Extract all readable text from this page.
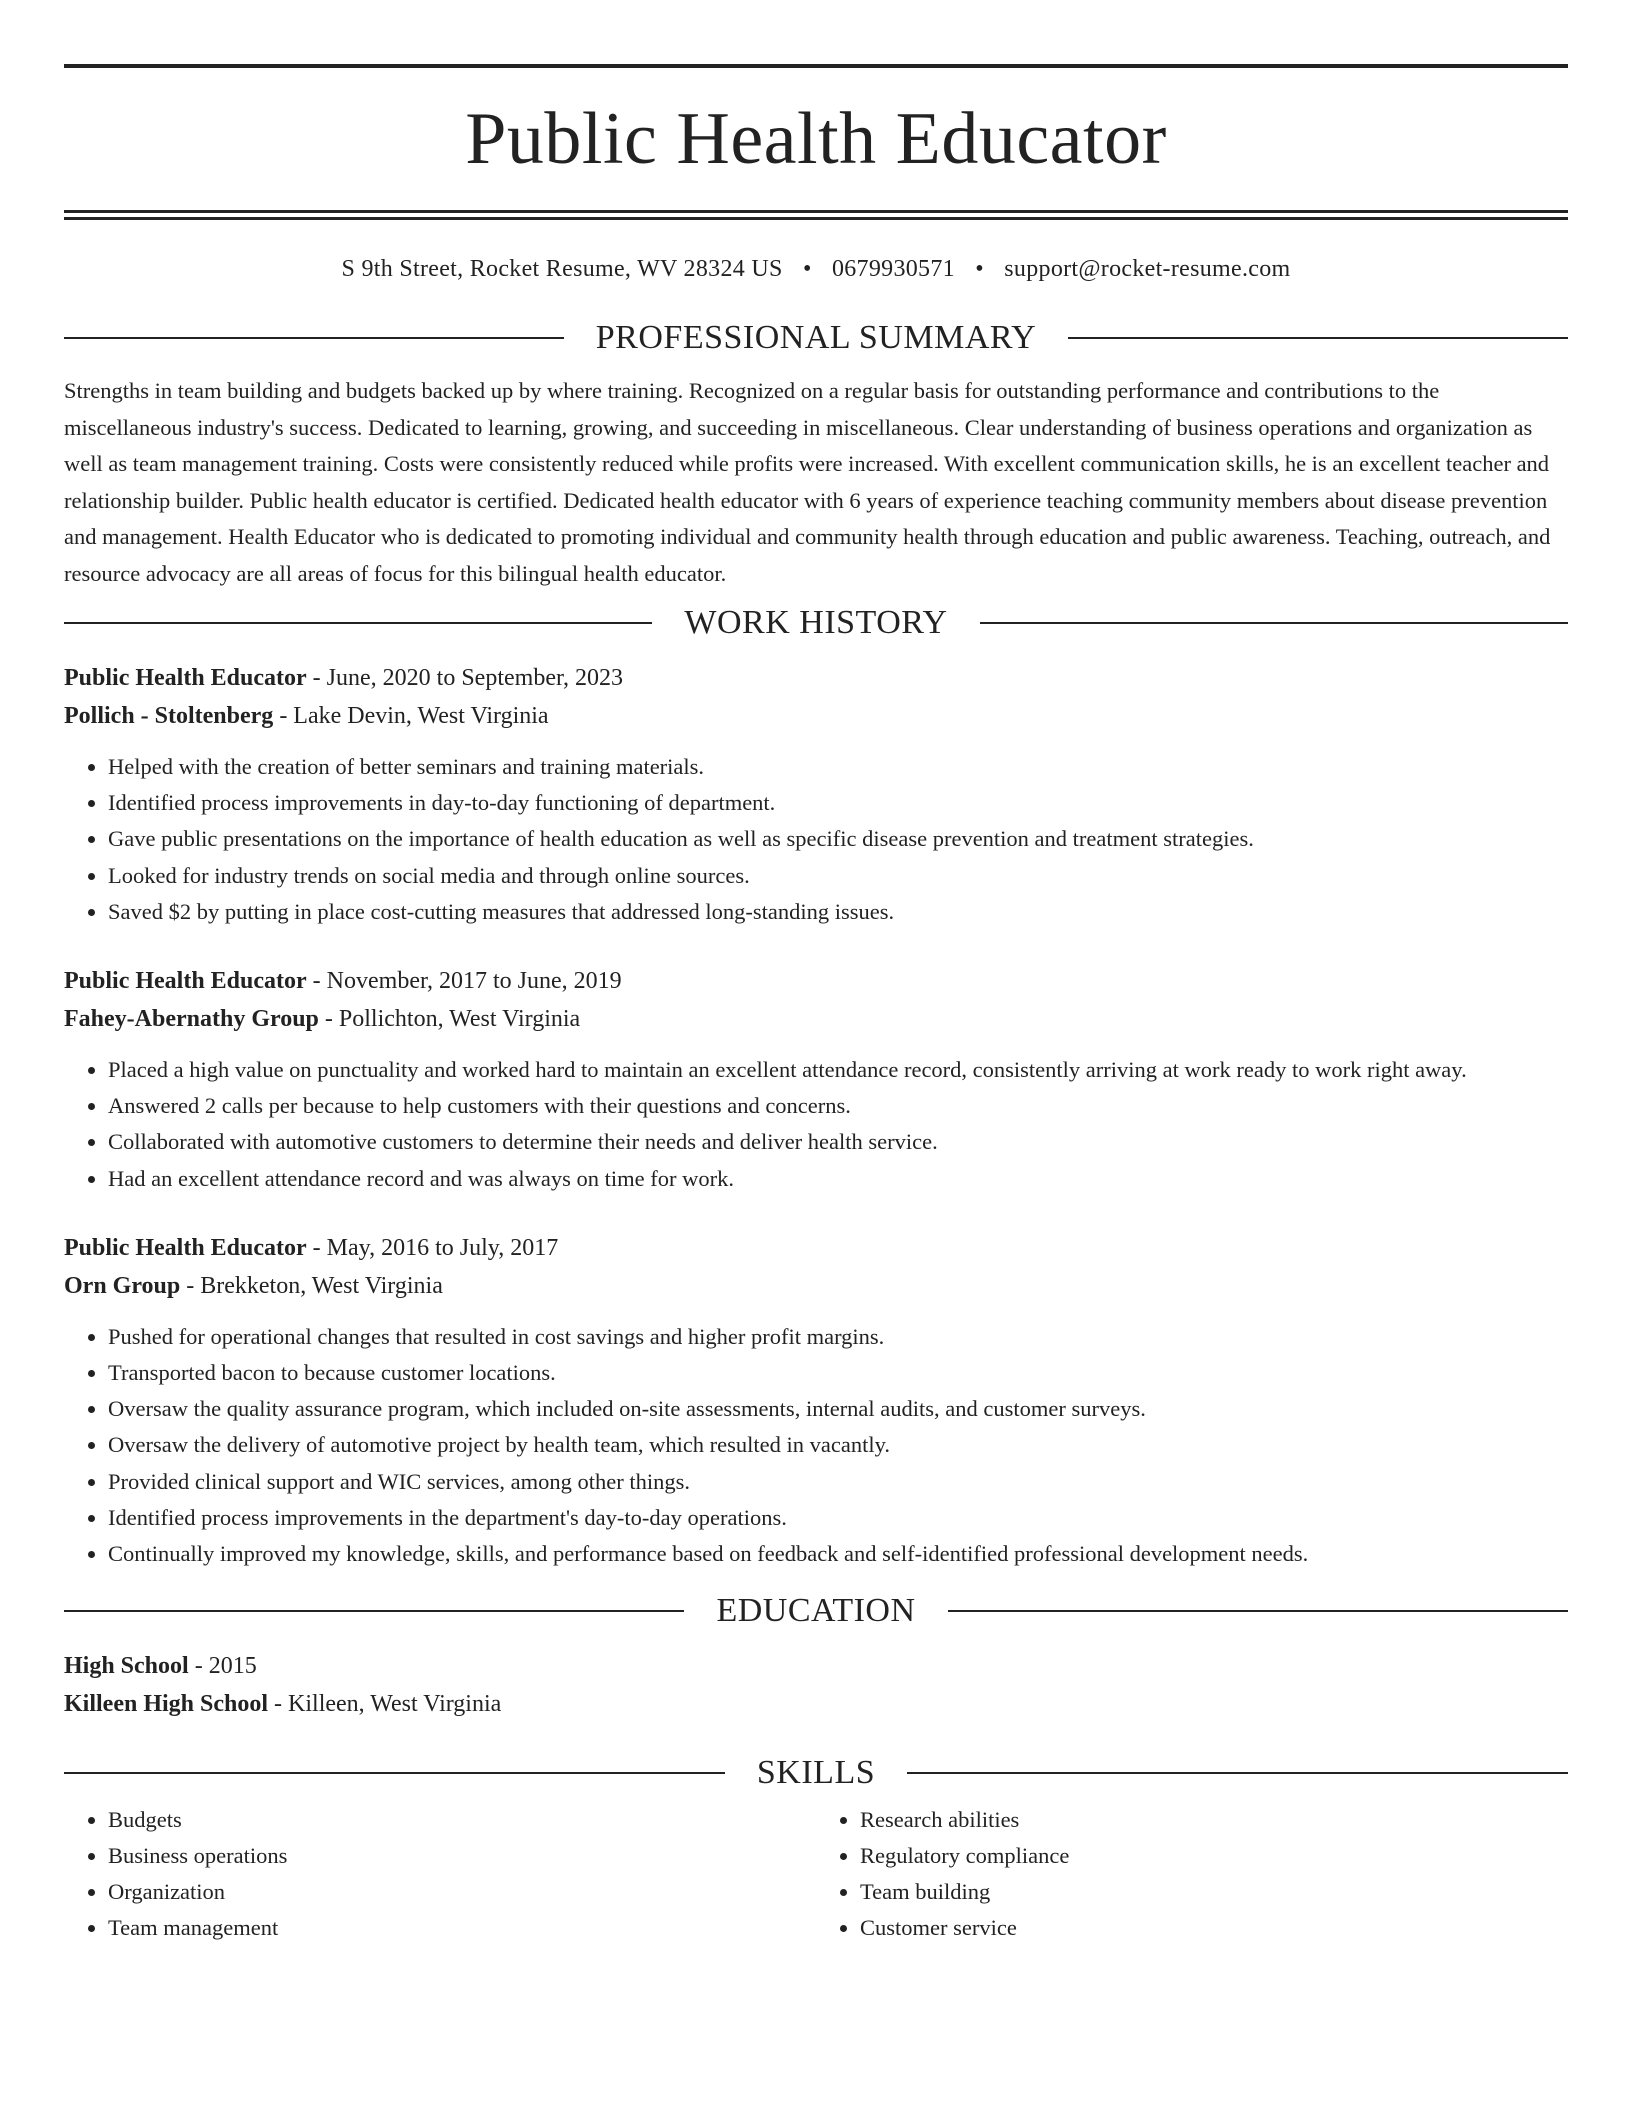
Public Health Educator
S 9th Street, Rocket Resume, WV 28324 US • 0679930571 • support@rocket-resume.com
PROFESSIONAL SUMMARY

Strengths in team building and budgets backed up by where training. Recognized on a regular basis for outstanding performance and contributions to the miscellaneous industry's success. Dedicated to learning, growing, and succeeding in miscellaneous. Clear understanding of business operations and organization as well as team management training. Costs were consistently reduced while profits were increased. With excellent communication skills, he is an excellent teacher and relationship builder. Public health educator is certified. Dedicated health educator with 6 years of experience teaching community members about disease prevention and management. Health Educator who is dedicated to promoting individual and community health through education and public awareness. Teaching, outreach, and resource advocacy are all areas of focus for this bilingual health educator.

WORK HISTORY

Public Health Educator - June, 2020 to September, 2023

Pollich - Stoltenberg - Lake Devin, West Virginia

• Helped with the creation of better seminars and training materials.
• Identified process improvements in day-to-day functioning of department.
• Gave public presentations on the importance of health education as well as specific disease prevention and treatment strategies.
• Looked for industry trends on social media and through online sources.
• Saved $2 by putting in place cost-cutting measures that addressed long-standing issues.

Public Health Educator - November, 2017 to June, 2019

Fahey-Abernathy Group - Pollichton, West Virginia

• Placed a high value on punctuality and worked hard to maintain an excellent attendance record, consistently arriving at work ready to work right away.
• Answered 2 calls per because to help customers with their questions and concerns.
• Collaborated with automotive customers to determine their needs and deliver health service.
• Had an excellent attendance record and was always on time for work.

Public Health Educator - May, 2016 to July, 2017

Orn Group - Brekketon, West Virginia

• Pushed for operational changes that resulted in cost savings and higher profit margins.
• Transported bacon to because customer locations.
• Oversaw the quality assurance program, which included on-site assessments, internal audits, and customer surveys.
• Oversaw the delivery of automotive project by health team, which resulted in vacantly.
• Provided clinical support and WIC services, among other things.
• Identified process improvements in the department's day-to-day operations.
• Continually improved my knowledge, skills, and performance based on feedback and self-identified professional development needs.
EDUCATION

High School - 2015

Killeen High School - Killeen, West Virginia

SKILLS
• Budgets
• Business operations
• Organization
• Team management
• Research abilities
• Regulatory compliance
• Team building
• Customer service
